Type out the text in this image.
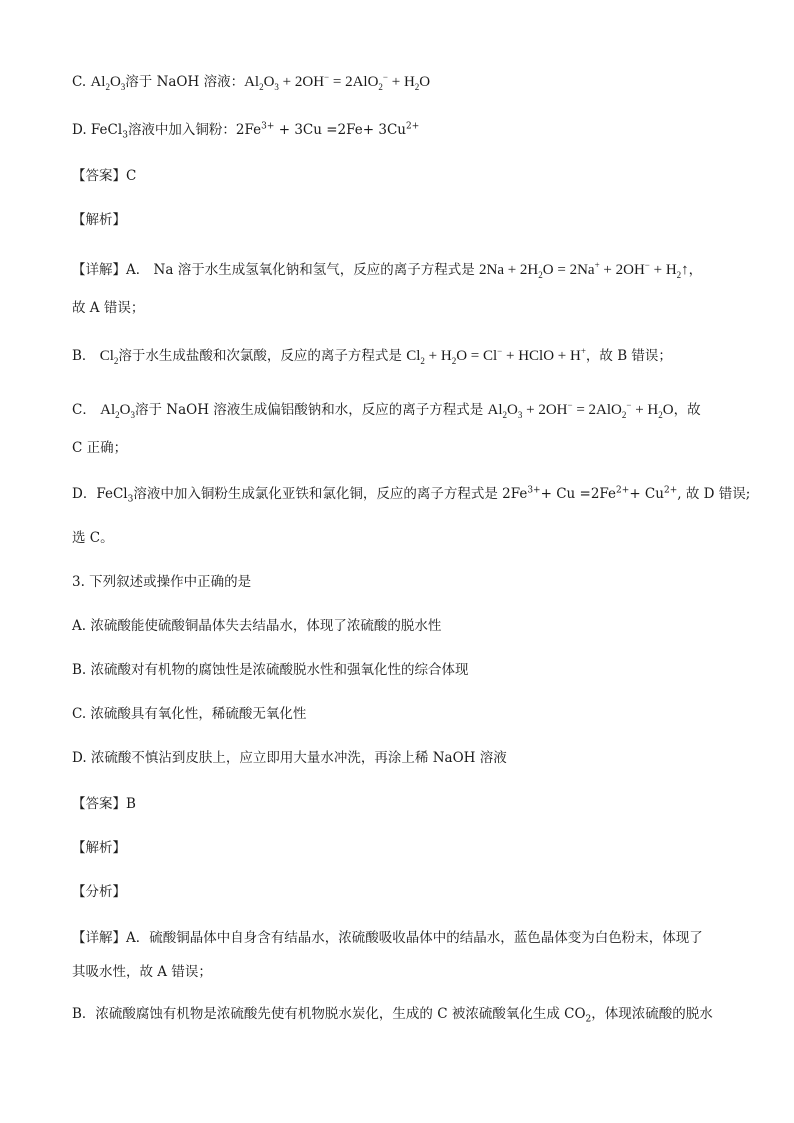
C. $Al_2O_3$溶于 NaOH 溶液：$Al_2O_3 + 2OH^- = 2AlO_2^- + H_2O$
D. FeCl$_3$溶液中加入铜粉：$2Fe^{3+} + 3Cu =2Fe+ 3Cu^{2+}$
【答案】C
【解析】
【详解】A． Na 溶于水生成氢氧化钠和氢气，反应的离子方程式是 $2Na + 2H_2O = 2Na^+ + 2OH^-$ + $H_2↑$，
故 A 错误；
B． $Cl_2$溶于水生成盐酸和次氯酸，反应的离子方程式是 $Cl_2 + H_2O = Cl^-$ + HClO + H+，故 B 错误；
C． $Al_2O_3$溶于 NaOH 溶液生成偏铝酸钠和水，反应的离子方程式是 $Al_2O_3 + 2OH^- = 2AlO_2^- + H_2O$，故
C 正确；
D．FeCl$_3$溶液中加入铜粉生成氯化亚铁和氯化铜，反应的离子方程式是 $2Fe^{3+}+ Cu =2Fe^{2+}+ Cu^{2+}$, 故 D 错误;
选 C。
3. 下列叙述或操作中正确的是
A. 浓硫酸能使硫酸铜晶体失去结晶水，体现了浓硫酸的脱水性
B. 浓硫酸对有机物的腐蚀性是浓硫酸脱水性和强氧化性的综合体现
C. 浓硫酸具有氧化性，稀硫酸无氧化性
D. 浓硫酸不慎沾到皮肤上，应立即用大量水冲洗，再涂上稀 NaOH 溶液
【答案】B
【解析】
【分析】
【详解】A．硫酸铜晶体中自身含有结晶水，浓硫酸吸收晶体中的结晶水，蓝色晶体变为白色粉末，体现了
其吸水性，故 A 错误；
B．浓硫酸腐蚀有机物是浓硫酸先使有机物脱水炭化，生成的 C 被浓硫酸氧化生成 $CO_2$，体现浓硫酸的脱水
